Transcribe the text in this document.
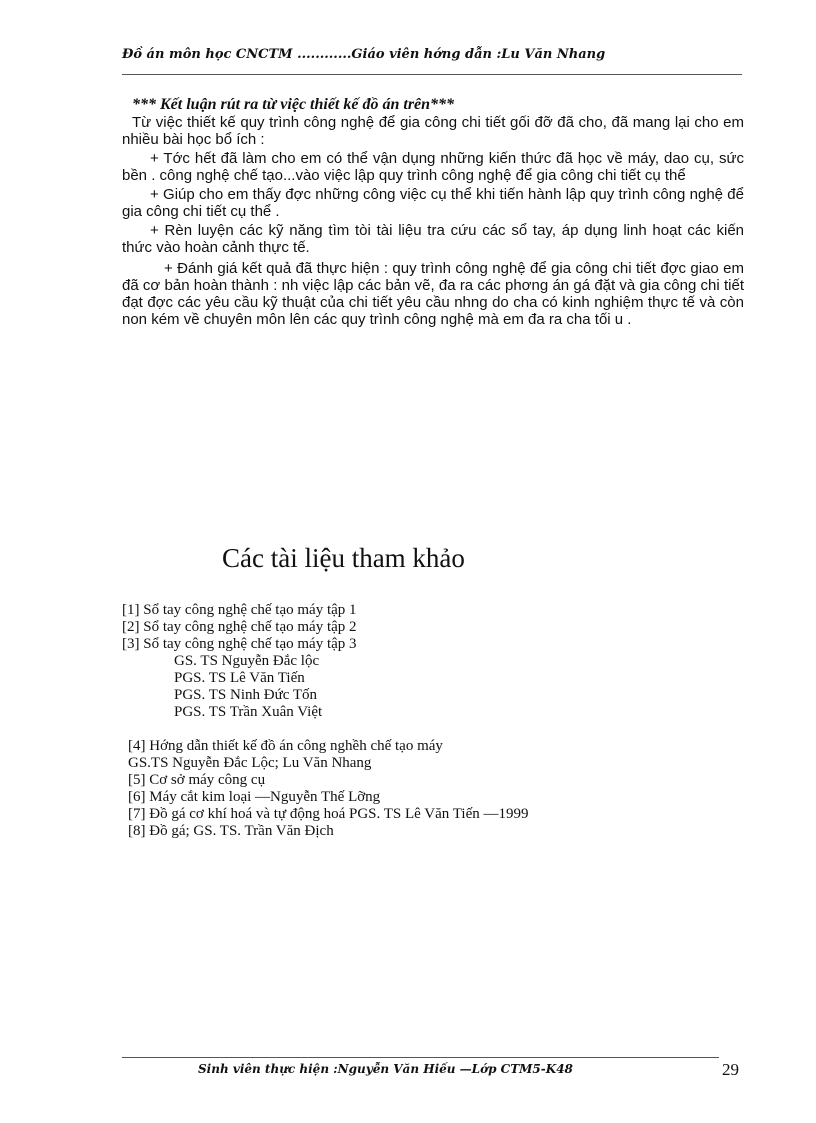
Đồ án môn học CNCTM ............Giáo viên hớng dẫn :Lu Văn Nhang
*** Kết luận rút ra từ việc thiết kế đồ án trên***

Từ việc thiết kế quy trình công nghệ để gia công chi tiết gối đỡ đã cho, đã mang lại cho em nhiều bài học bổ ích :

+ Tớc hết đã làm cho em có thể vận dụng những kiến thức đã học về máy, dao cụ, sức bền . công nghệ chế tạo...vào việc lập quy trình công nghệ để gia công chi tiết cụ thể

+ Giúp cho em thấy đợc những công việc cụ thể khi tiến hành lập quy trình công nghệ để gia công chi tiết cụ thể .

+ Rèn luyện các kỹ năng tìm tòi tài liệu tra cứu các sổ tay, áp dụng linh hoạt các kiến thức vào hoàn cảnh thực tế.

+ Đánh giá kết quả đã thực hiện : quy trình công nghệ để gia công chi tiết đợc giao em đã cơ bản hoàn thành : nh việc lập các bản vẽ, đa ra các phơng án gá đặt và gia công chi tiết đạt đợc các yêu cầu kỹ thuật của chi tiết yêu cầu nhng do cha có kinh nghiệm thực tế và còn non kém về chuyên môn lên các quy trình công nghệ mà em đa ra cha tối u .

Các tài liệu tham khảo
[1] Sổ tay công nghệ chế tạo máy tập 1
[2] Sổ tay công nghệ chế tạo máy tập 2
[3] Sổ tay công nghệ chế tạo máy tập 3
GS. TS Nguyễn Đắc lộc
PGS. TS Lê Văn Tiến
PGS. TS Ninh Đức Tốn
PGS. TS Trần Xuân Việt
[4] Hớng dẫn thiết kế đồ án công nghềh chế tạo máy
GS.TS Nguyễn Đắc Lộc; Lu Văn Nhang
[5] Cơ sở máy công cụ
[6] Máy cắt kim loại —Nguyễn Thế Lỡng
[7] Đồ gá cơ khí hoá và tự động hoá PGS. TS Lê Văn Tiến —1999
[8] Đồ gá; GS. TS. Trần Văn Địch
Sinh viên thực hiện :Nguyễn Văn Hiếu —Lớp CTM5-K48	29
